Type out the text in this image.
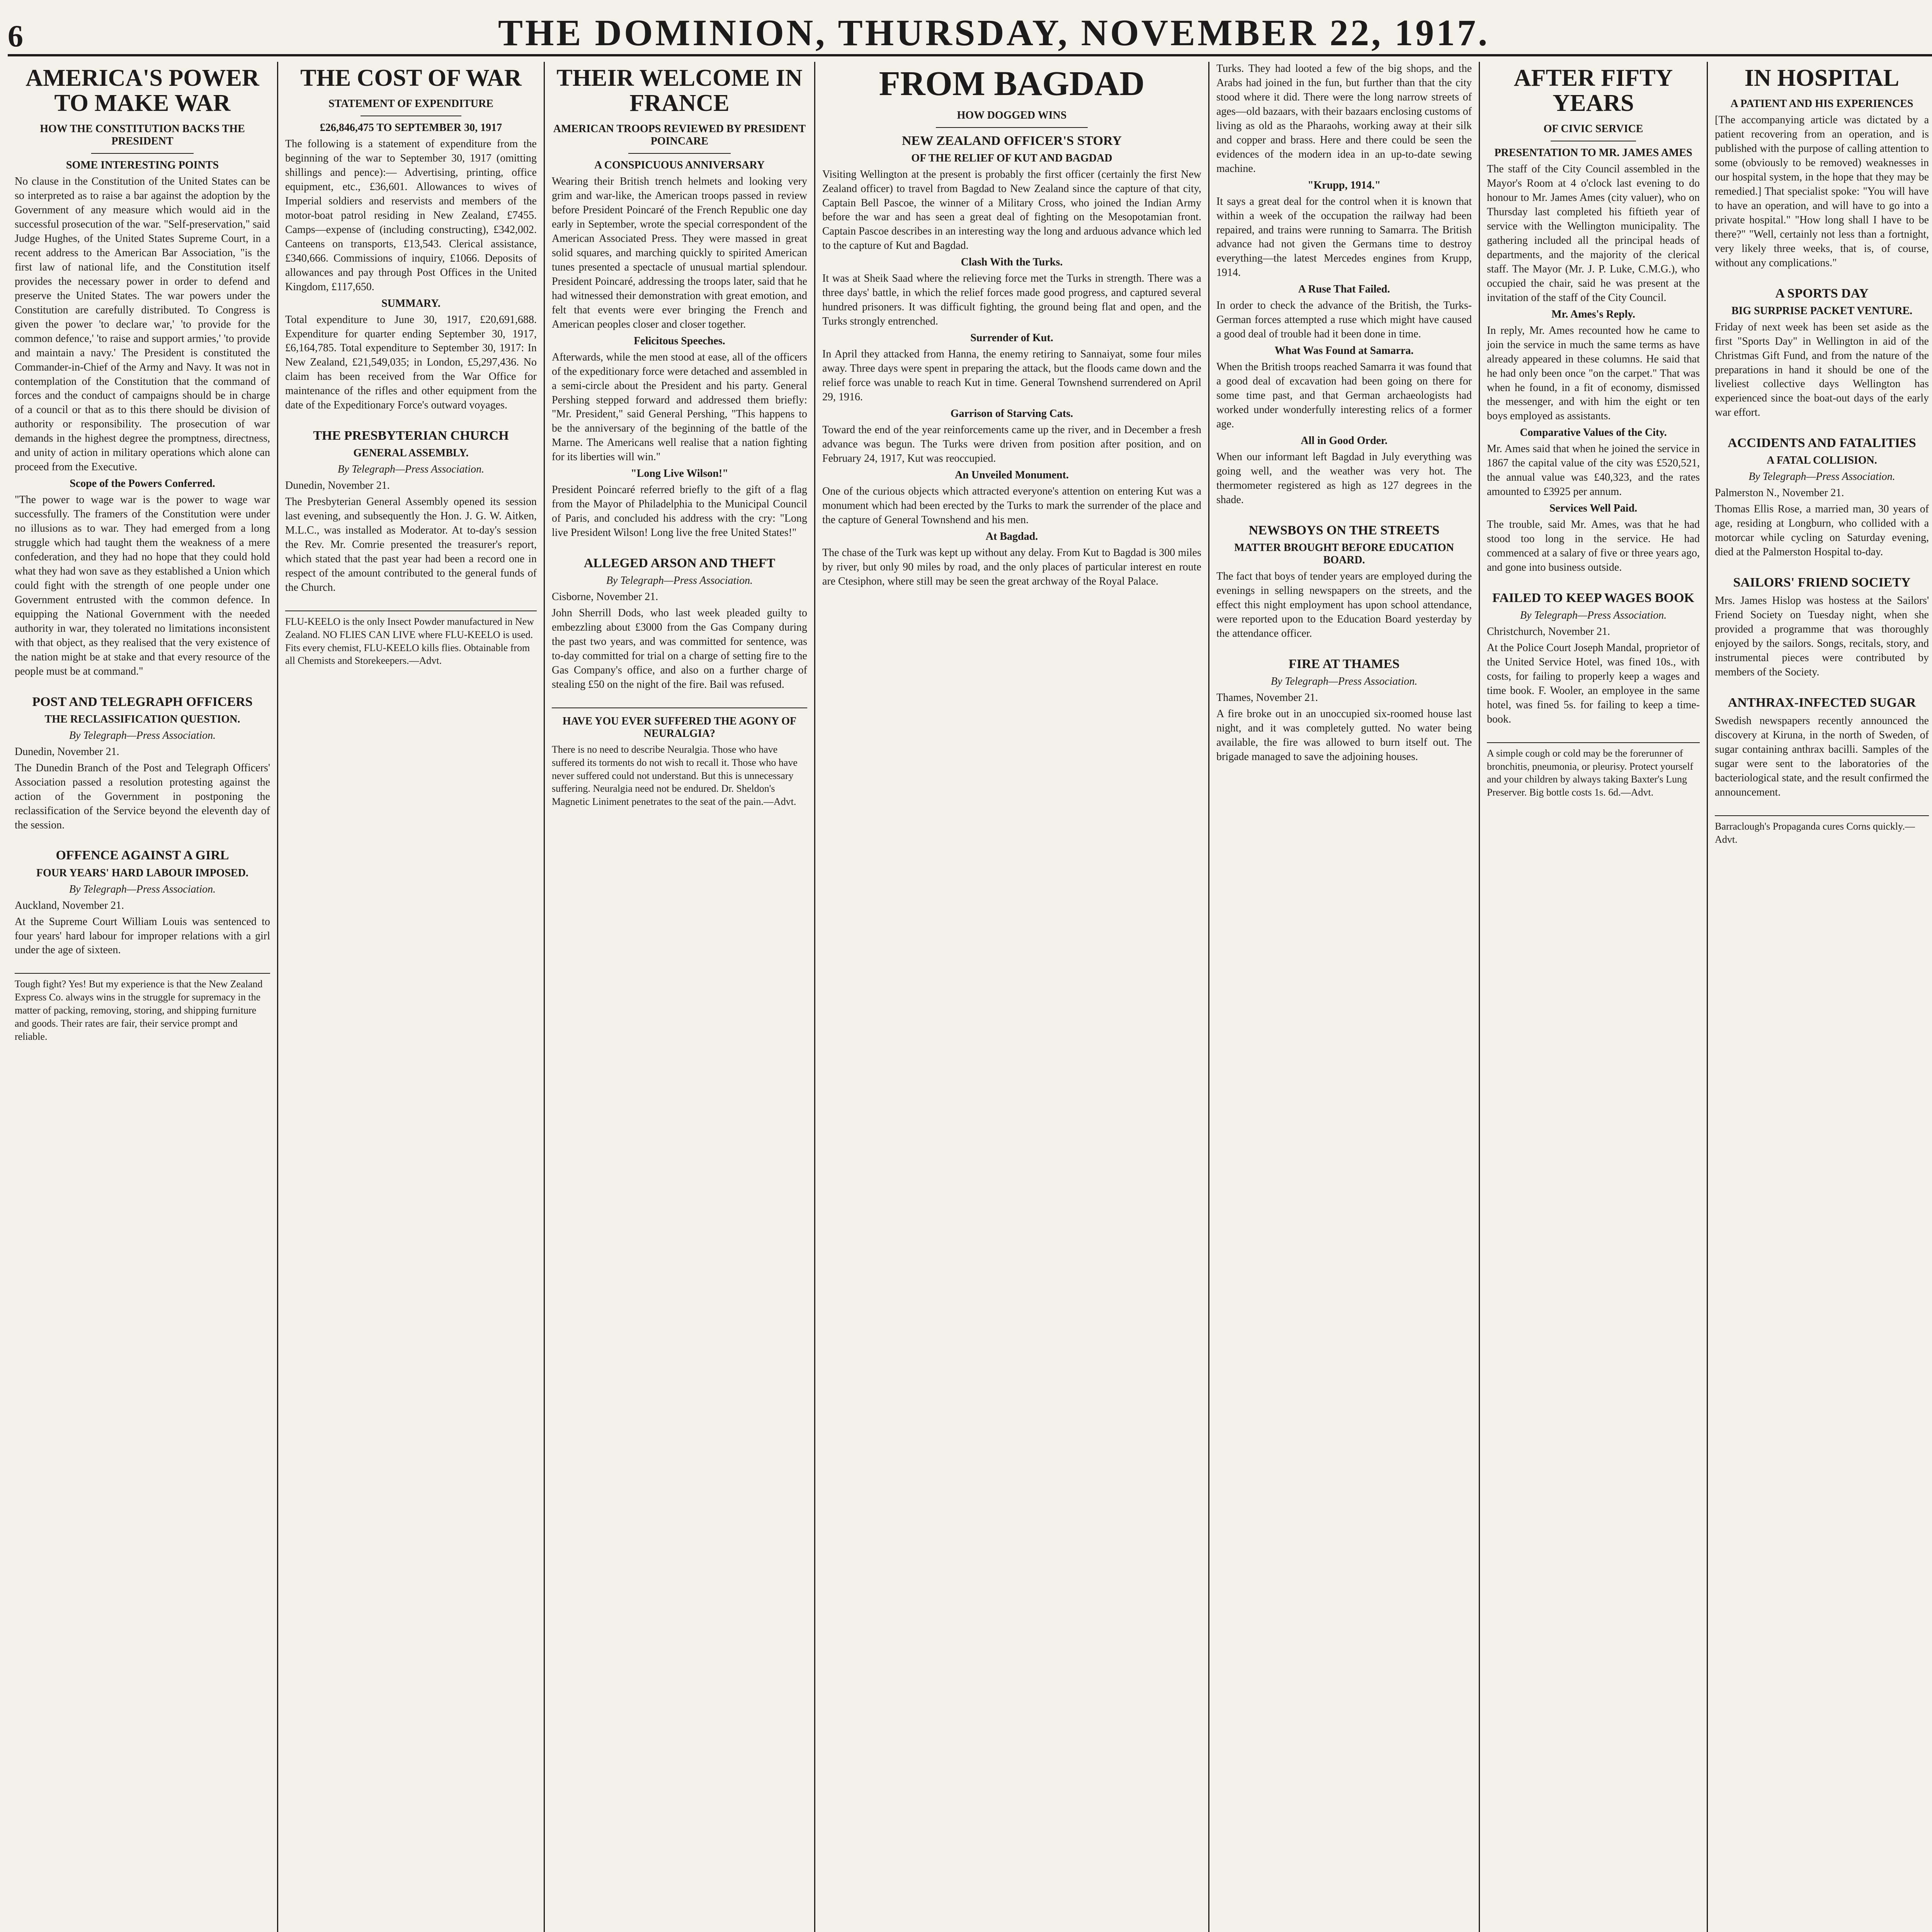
6	THE DOMINION, THURSDAY, NOVEMBER 22, 1917.
AMERICA'S POWER TO MAKE WAR
HOW THE CONSTITUTION BACKS THE PRESIDENT
SOME INTERESTING POINTS
No clause in the Constitution of the United States can be so interpreted as to raise a bar against the adoption by the Government of any measure which would aid in the successful prosecution of the war. "Self-preservation," said Judge Hughes, of the United States Supreme Court, in a recent address to the American Bar Association, "is the first law of national life, and the Constitution itself provides the necessary power in order to defend and preserve the United States. The war powers under the Constitution are carefully distributed. To Congress is given the power 'to declare war,' 'to provide for the common defence,' 'to raise and support armies,' 'to provide and maintain a navy.' The President is constituted the Commander-in-Chief of the Army and Navy. It was not in contemplation of the Constitution that the command of forces and the conduct of campaigns should be in charge of a council or that as to this there should be division of authority or responsibility. The prosecution of war demands in the highest degree the promptness, directness, and unity of action in military operations which alone can proceed from the Executive.
Scope of the Powers Conferred.
"The power to wage war is the power to wage war successfully. The framers of the Constitution were under no illusions as to war. They had emerged from a long struggle which had taught them the weakness of a mere confederation, and they had no hope that they could hold what they had won save as they established a Union which could fight with the strength of one people under one Government entrusted with the common defence. In equipping the National Government with the needed authority in war, they tolerated no limitations inconsistent with that object, as they realised that the very existence of the nation might be at stake and that every resource of the people must be at command."
POST AND TELEGRAPH OFFICERS
THE RECLASSIFICATION QUESTION.
By Telegraph—Press Association.
Dunedin, November 21.
The Dunedin Branch of the Post and Telegraph Officers' Association passed a resolution protesting against the action of the Government in postponing the reclassification of the Service beyond the eleventh day of the session.
OFFENCE AGAINST A GIRL
FOUR YEARS' HARD LABOUR IMPOSED.
By Telegraph—Press Association.
Auckland, November 21.
At the Supreme Court William Louis was sentenced to four years' hard labour for improper relations with a girl under the age of sixteen.
Tough fight? Yes! But my experience is that the New Zealand Express Co. always wins in the struggle for supremacy in the matter of packing, removing, storing, and shipping furniture and goods. Their rates are fair, their service prompt and reliable.
THE COST OF WAR
STATEMENT OF EXPENDITURE
£26,846,475 TO SEPTEMBER 30, 1917
The following is a statement of expenditure from the beginning of the war to September 30, 1917 (omitting shillings and pence):— Advertising, printing, office equipment, etc., £36,601. Allowances to wives of Imperial soldiers and reservists and members of the motor-boat patrol residing in New Zealand, £7455. Camps—expense of (including constructing), £342,002. Canteens on transports, £13,543. Clerical assistance, £340,666. Commissions of inquiry, £1066. Deposits of allowances and pay through Post Offices in the United Kingdom, £117,650.
SUMMARY.
Total expenditure to June 30, 1917, £20,691,688. Expenditure for quarter ending September 30, 1917, £6,164,785. Total expenditure to September 30, 1917: In New Zealand, £21,549,035; in London, £5,297,436. No claim has been received from the War Office for maintenance of the rifles and other equipment from the date of the Expeditionary Force's outward voyages.
THE PRESBYTERIAN CHURCH
GENERAL ASSEMBLY.
By Telegraph—Press Association.
Dunedin, November 21.
The Presbyterian General Assembly opened its session last evening, and subsequently the Hon. J. G. W. Aitken, M.L.C., was installed as Moderator. At to-day's session the Rev. Mr. Comrie presented the treasurer's report, which stated that the past year had been a record one in respect of the amount contributed to the general funds of the Church.
FLU-KEELO is the only Insect Powder manufactured in New Zealand. NO FLIES CAN LIVE where FLU-KEELO is used. Fits every chemist, FLU-KEELO kills flies. Obtainable from all Chemists and Storekeepers.—Advt.
THEIR WELCOME IN FRANCE
AMERICAN TROOPS REVIEWED BY PRESIDENT POINCARE
A CONSPICUOUS ANNIVERSARY
Wearing their British trench helmets and looking very grim and war-like, the American troops passed in review before President Poincaré of the French Republic one day early in September, wrote the special correspondent of the American Associated Press. They were massed in great solid squares, and marching quickly to spirited American tunes presented a spectacle of unusual martial splendour. President Poincaré, addressing the troops later, said that he had witnessed their demonstration with great emotion, and felt that events were ever bringing the French and American peoples closer and closer together.
Felicitous Speeches.
Afterwards, while the men stood at ease, all of the officers of the expeditionary force were detached and assembled in a semi-circle about the President and his party. General Pershing stepped forward and addressed them briefly: "Mr. President," said General Pershing, "This happens to be the anniversary of the beginning of the battle of the Marne. The Americans well realise that a nation fighting for its liberties will win."
"Long Live Wilson!"
President Poincaré referred briefly to the gift of a flag from the Mayor of Philadelphia to the Municipal Council of Paris, and concluded his address with the cry: "Long live President Wilson! Long live the free United States!"
ALLEGED ARSON AND THEFT
By Telegraph—Press Association.
Cisborne, November 21.
John Sherrill Dods, who last week pleaded guilty to embezzling about £3000 from the Gas Company during the past two years, and was committed for sentence, was to-day committed for trial on a charge of setting fire to the Gas Company's office, and also on a further charge of stealing £50 on the night of the fire. Bail was refused.
HAVE YOU EVER SUFFERED THE AGONY OF NEURALGIA?
There is no need to describe Neuralgia. Those who have suffered its torments do not wish to recall it. Those who have never suffered could not understand. But this is unnecessary suffering. Neuralgia need not be endured. Dr. Sheldon's Magnetic Liniment penetrates to the seat of the pain.—Advt.
FROM BAGDAD
HOW DOGGED WINS
NEW ZEALAND OFFICER'S STORY
OF THE RELIEF OF KUT AND BAGDAD
Visiting Wellington at the present is probably the first officer (certainly the first New Zealand officer) to travel from Bagdad to New Zealand since the capture of that city, Captain Bell Pascoe, the winner of a Military Cross, who joined the Indian Army before the war and has seen a great deal of fighting on the Mesopotamian front. Captain Pascoe describes in an interesting way the long and arduous advance which led to the capture of Kut and Bagdad.
Clash With the Turks.
It was at Sheik Saad where the relieving force met the Turks in strength. There was a three days' battle, in which the relief forces made good progress, and captured several hundred prisoners. It was difficult fighting, the ground being flat and open, and the Turks strongly entrenched.
Surrender of Kut.
In April they attacked from Hanna, the enemy retiring to Sannaiyat, some four miles away. Three days were spent in preparing the attack, but the floods came down and the relief force was unable to reach Kut in time. General Townshend surrendered on April 29, 1916.
Garrison of Starving Cats.
Toward the end of the year reinforcements came up the river, and in December a fresh advance was begun. The Turks were driven from position after position, and on February 24, 1917, Kut was reoccupied.
An Unveiled Monument.
One of the curious objects which attracted everyone's attention on entering Kut was a monument which had been erected by the Turks to mark the surrender of the place and the capture of General Townshend and his men.
At Bagdad.
The chase of the Turk was kept up without any delay. From Kut to Bagdad is 300 miles by river, but only 90 miles by road, and the only places of particular interest en route are Ctesiphon, where still may be seen the great archway of the Royal Palace.
Turks. They had looted a few of the big shops, and the Arabs had joined in the fun, but further than that the city stood where it did. There were the long narrow streets of ages—old bazaars, with their bazaars enclosing customs of living as old as the Pharaohs, working away at their silk and copper and brass. Here and there could be seen the evidences of the modern idea in an up-to-date sewing machine.
"Krupp, 1914."
It says a great deal for the control when it is known that within a week of the occupation the railway had been repaired, and trains were running to Samarra. The British advance had not given the Germans time to destroy everything—the latest Mercedes engines from Krupp, 1914.
A Ruse That Failed.
In order to check the advance of the British, the Turks-German forces attempted a ruse which might have caused a good deal of trouble had it been done in time.
What Was Found at Samarra.
When the British troops reached Samarra it was found that a good deal of excavation had been going on there for some time past, and that German archaeologists had worked under wonderfully interesting relics of a former age.
All in Good Order.
When our informant left Bagdad in July everything was going well, and the weather was very hot. The thermometer registered as high as 127 degrees in the shade.
NEWSBOYS ON THE STREETS
MATTER BROUGHT BEFORE EDUCATION BOARD.
The fact that boys of tender years are employed during the evenings in selling newspapers on the streets, and the effect this night employment has upon school attendance, were reported upon to the Education Board yesterday by the attendance officer.
FIRE AT THAMES
By Telegraph—Press Association.
Thames, November 21.
A fire broke out in an unoccupied six-roomed house last night, and it was completely gutted. No water being available, the fire was allowed to burn itself out. The brigade managed to save the adjoining houses.
AFTER FIFTY YEARS
OF CIVIC SERVICE
PRESENTATION TO MR. JAMES AMES
The staff of the City Council assembled in the Mayor's Room at 4 o'clock last evening to do honour to Mr. James Ames (city valuer), who on Thursday last completed his fiftieth year of service with the Wellington municipality. The gathering included all the principal heads of departments, and the majority of the clerical staff. The Mayor (Mr. J. P. Luke, C.M.G.), who occupied the chair, said he was present at the invitation of the staff of the City Council.
Mr. Ames's Reply.
In reply, Mr. Ames recounted how he came to join the service in much the same terms as have already appeared in these columns. He said that he had only been once "on the carpet." That was when he found, in a fit of economy, dismissed the messenger, and with him the eight or ten boys employed as assistants.
Comparative Values of the City.
Mr. Ames said that when he joined the service in 1867 the capital value of the city was £520,521, the annual value was £40,323, and the rates amounted to £3925 per annum.
Services Well Paid.
The trouble, said Mr. Ames, was that he had stood too long in the service. He had commenced at a salary of five or three years ago, and gone into business outside.
FAILED TO KEEP WAGES BOOK
By Telegraph—Press Association.
Christchurch, November 21.
At the Police Court Joseph Mandal, proprietor of the United Service Hotel, was fined 10s., with costs, for failing to properly keep a wages and time book. F. Wooler, an employee in the same hotel, was fined 5s. for failing to keep a time-book.
A simple cough or cold may be the forerunner of bronchitis, pneumonia, or pleurisy. Protect yourself and your children by always taking Baxter's Lung Preserver. Big bottle costs 1s. 6d.—Advt.
IN HOSPITAL
A PATIENT AND HIS EXPERIENCES
[The accompanying article was dictated by a patient recovering from an operation, and is published with the purpose of calling attention to some (obviously to be removed) weaknesses in our hospital system, in the hope that they may be remedied.] That specialist spoke: "You will have to have an operation, and will have to go into a private hospital." "How long shall I have to be there?" "Well, certainly not less than a fortnight, very likely three weeks, that is, of course, without any complications."
A SPORTS DAY
BIG SURPRISE PACKET VENTURE.
Friday of next week has been set aside as the first "Sports Day" in Wellington in aid of the Christmas Gift Fund, and from the nature of the preparations in hand it should be one of the liveliest collective days Wellington has experienced since the boat-out days of the early war effort.
ACCIDENTS AND FATALITIES
A FATAL COLLISION.
By Telegraph—Press Association.
Palmerston N., November 21.
Thomas Ellis Rose, a married man, 30 years of age, residing at Longburn, who collided with a motorcar while cycling on Saturday evening, died at the Palmerston Hospital to-day.
SAILORS' FRIEND SOCIETY
Mrs. James Hislop was hostess at the Sailors' Friend Society on Tuesday night, when she provided a programme that was thoroughly enjoyed by the sailors. Songs, recitals, story, and instrumental pieces were contributed by members of the Society.
ANTHRAX-INFECTED SUGAR
Swedish newspapers recently announced the discovery at Kiruna, in the north of Sweden, of sugar containing anthrax bacilli. Samples of the sugar were sent to the laboratories of the bacteriological state, and the result confirmed the announcement.
Barraclough's Propaganda cures Corns quickly.—Advt.
